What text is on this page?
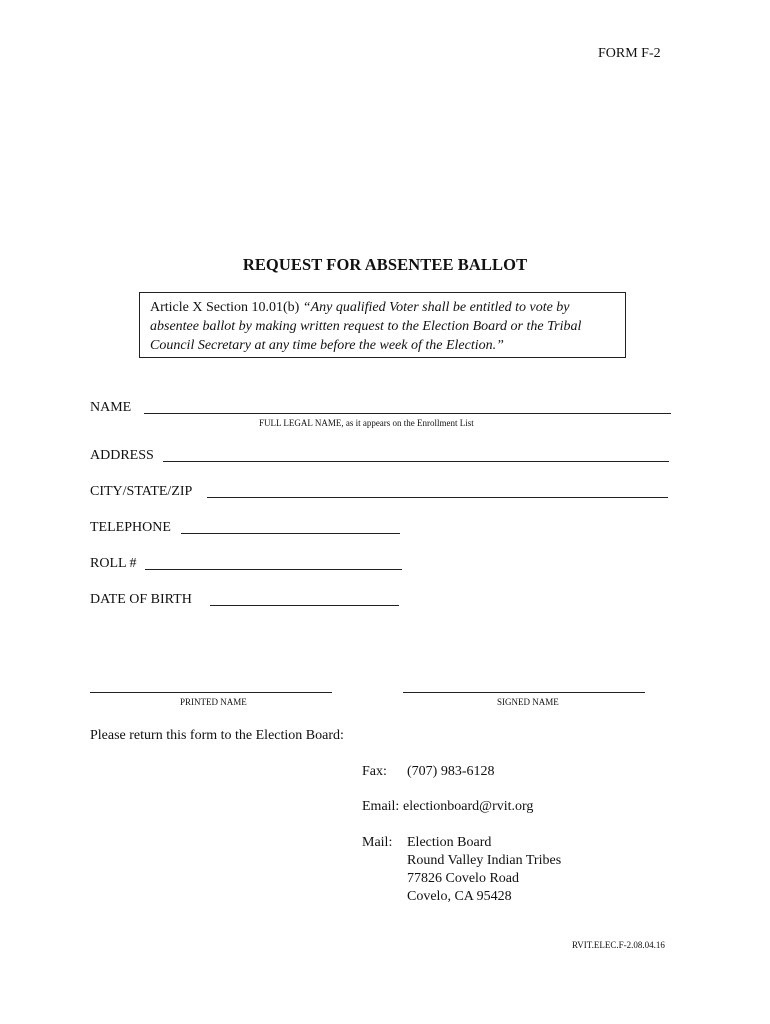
FORM F-2
REQUEST FOR ABSENTEE BALLOT
Article X Section 10.01(b) “Any qualified Voter shall be entitled to vote by absentee ballot by making written request to the Election Board or the Tribal Council Secretary at any time before the week of the Election.”
NAME
FULL LEGAL NAME, as it appears on the Enrollment List
ADDRESS
CITY/STATE/ZIP
TELEPHONE
ROLL #
DATE OF BIRTH
PRINTED NAME	SIGNED NAME
Please return this form to the Election Board:
Fax: (707) 983-6128
Email: electionboard@rvit.org
Mail: Election Board
Round Valley Indian Tribes
77826 Covelo Road
Covelo, CA 95428
RVIT.ELEC.F-2.08.04.16
